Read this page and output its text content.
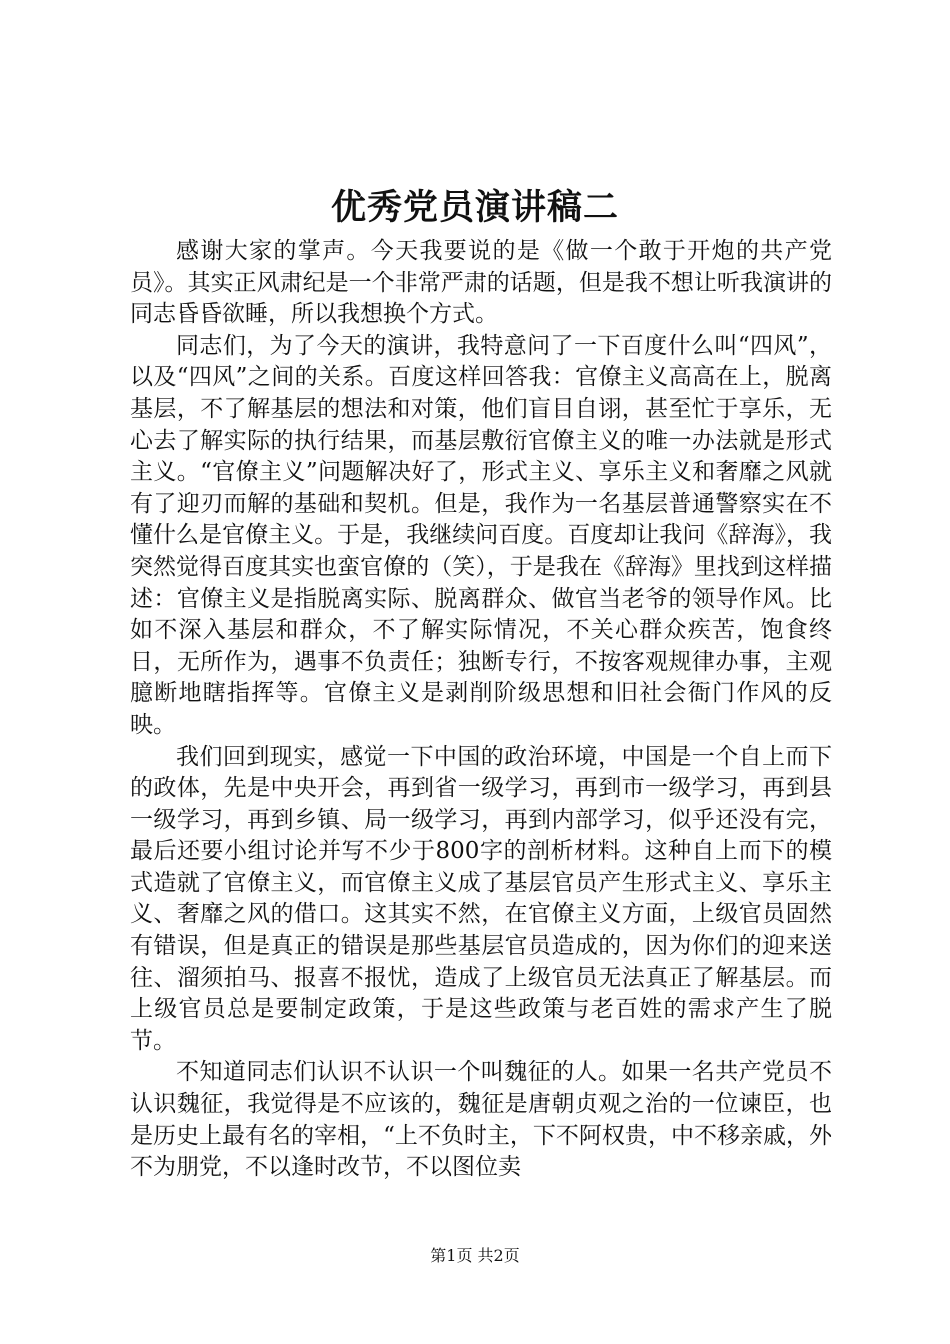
优秀党员演讲稿二

感谢大家的掌声。今天我要说的是《做一个敢于开炮的共产党员》。其实正风肃纪是一个非常严肃的话题，但是我不想让听我演讲的同志昏昏欲睡，所以我想换个方式。

同志们，为了今天的演讲，我特意问了一下百度什么叫“四风”，以及“四风”之间的关系。百度这样回答我：官僚主义高高在上，脱离基层，不了解基层的想法和对策，他们盲目自诩，甚至忙于享乐，无心去了解实际的执行结果，而基层敷衍官僚主义的唯一办法就是形式主义。“官僚主义”问题解决好了，形式主义、享乐主义和奢靡之风就有了迎刃而解的基础和契机。但是，我作为一名基层普通警察实在不懂什么是官僚主义。于是，我继续问百度。百度却让我问《辞海》，我突然觉得百度其实也蛮官僚的（笑），于是我在《辞海》里找到这样描述：官僚主义是指脱离实际、脱离群众、做官当老爷的领导作风。比如不深入基层和群众，不了解实际情况，不关心群众疾苦，饱食终日，无所作为，遇事不负责任；独断专行，不按客观规律办事，主观臆断地瞎指挥等。官僚主义是剥削阶级思想和旧社会衙门作风的反映。

我们回到现实，感觉一下中国的政治环境，中国是一个自上而下的政体，先是中央开会，再到省一级学习，再到市一级学习，再到县一级学习，再到乡镇、局一级学习，再到内部学习，似乎还没有完，最后还要小组讨论并写不少于800字的剖析材料。这种自上而下的模式造就了官僚主义，而官僚主义成了基层官员产生形式主义、享乐主义、奢靡之风的借口。这其实不然，在官僚主义方面，上级官员固然有错误，但是真正的错误是那些基层官员造成的，因为你们的迎来送往、溜须拍马、报喜不报忧，造成了上级官员无法真正了解基层。而上级官员总是要制定政策，于是这些政策与老百姓的需求产生了脱节。

不知道同志们认识不认识一个叫魏征的人。如果一名共产党员不认识魏征，我觉得是不应该的，魏征是唐朝贞观之治的一位谏臣，也是历史上最有名的宰相，“上不负时主，下不阿权贵，中不移亲戚，外不为朋党，不以逢时改节，不以图位卖

第1页 共2页
